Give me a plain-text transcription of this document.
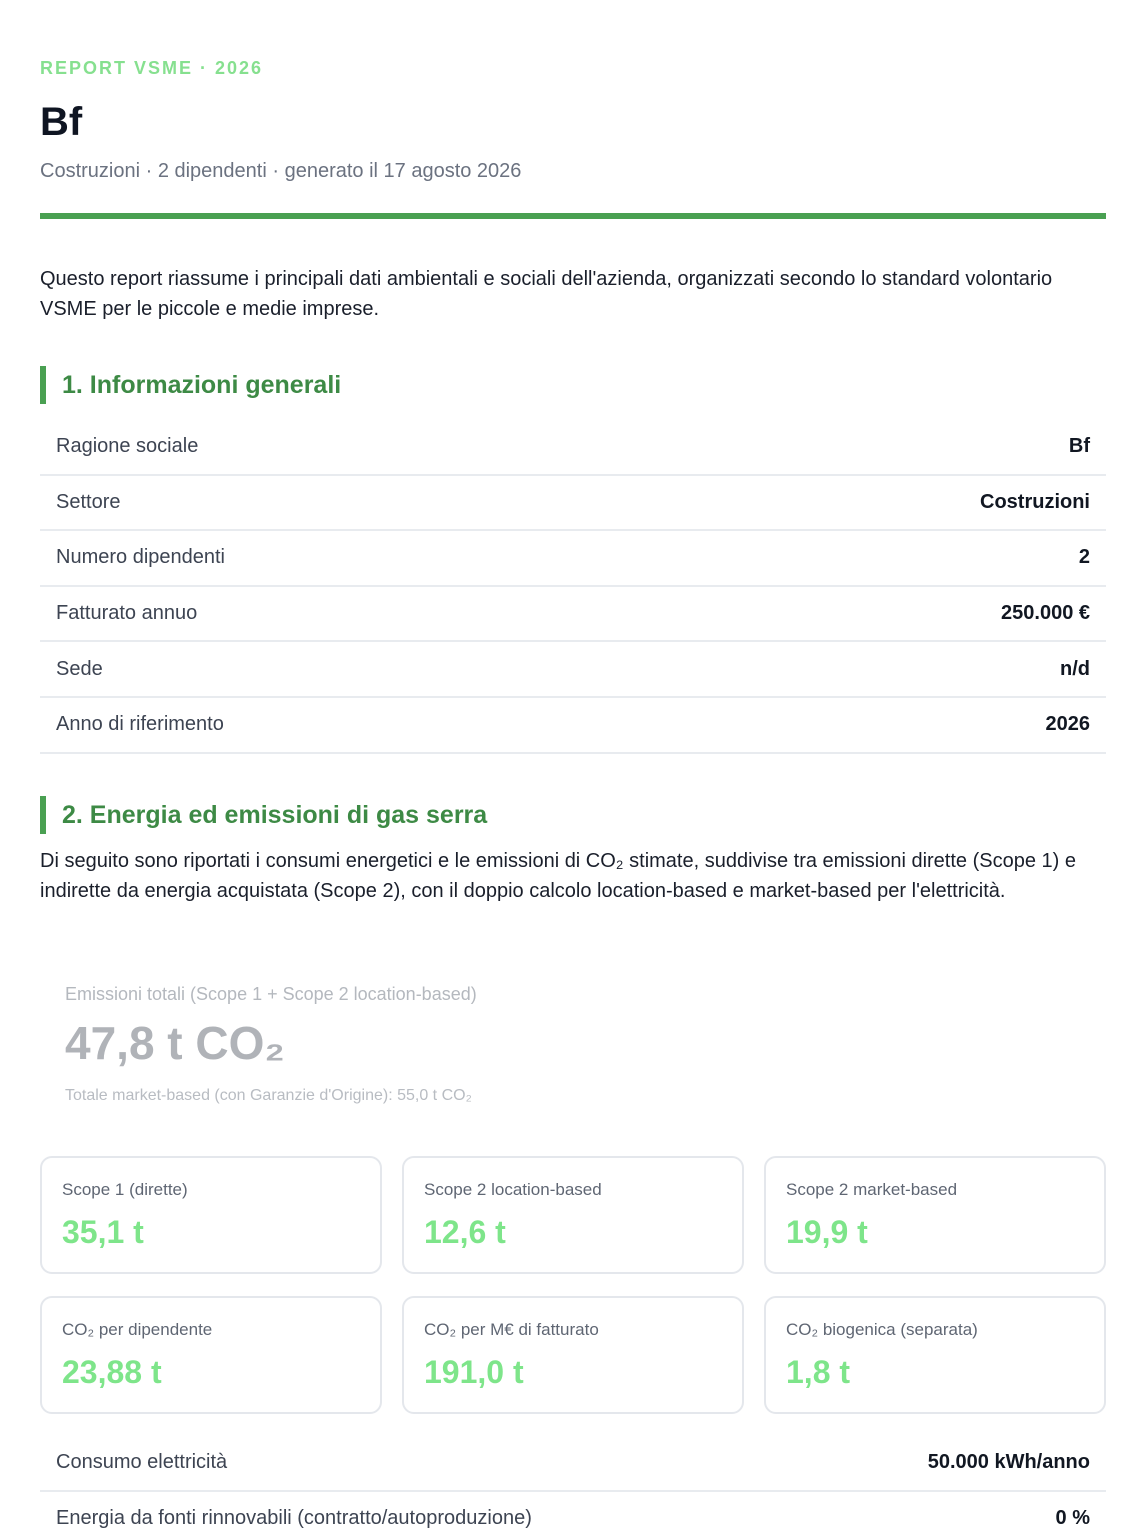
REPORT VSME · 2026
Bf
Costruzioni · 2 dipendenti · generato il 17 agosto 2026

Questo report riassume i principali dati ambientali e sociali dell'azienda, organizzati secondo lo standard volontario VSME per le piccole e medie imprese.

1. Informazioni generali
Ragione sociale	Bf
Settore	Costruzioni
Numero dipendenti	2
Fatturato annuo	250.000 €
Sede	n/d
Anno di riferimento	2026
2. Energia ed emissioni di gas serra

Di seguito sono riportati i consumi energetici e le emissioni di CO₂ stimate, suddivise tra emissioni dirette (Scope 1) e indirette da energia acquistata (Scope 2), con il doppio calcolo location-based e market-based per l'elettricità.

Emissioni totali (Scope 1 + Scope 2 location-based)
47,8 t CO₂
Totale market-based (con Garanzie d'Origine): 55,0 t CO₂
Scope 1 (dirette)
35,1 t
Scope 2 location-based
12,6 t
Scope 2 market-based
19,9 t
CO₂ per dipendente
23,88 t
CO₂ per M€ di fatturato
191,0 t
CO₂ biogenica (separata)
1,8 t
Consumo elettricità	50.000 kWh/anno
Energia da fonti rinnovabili (contratto/autoproduzione)	0 %
